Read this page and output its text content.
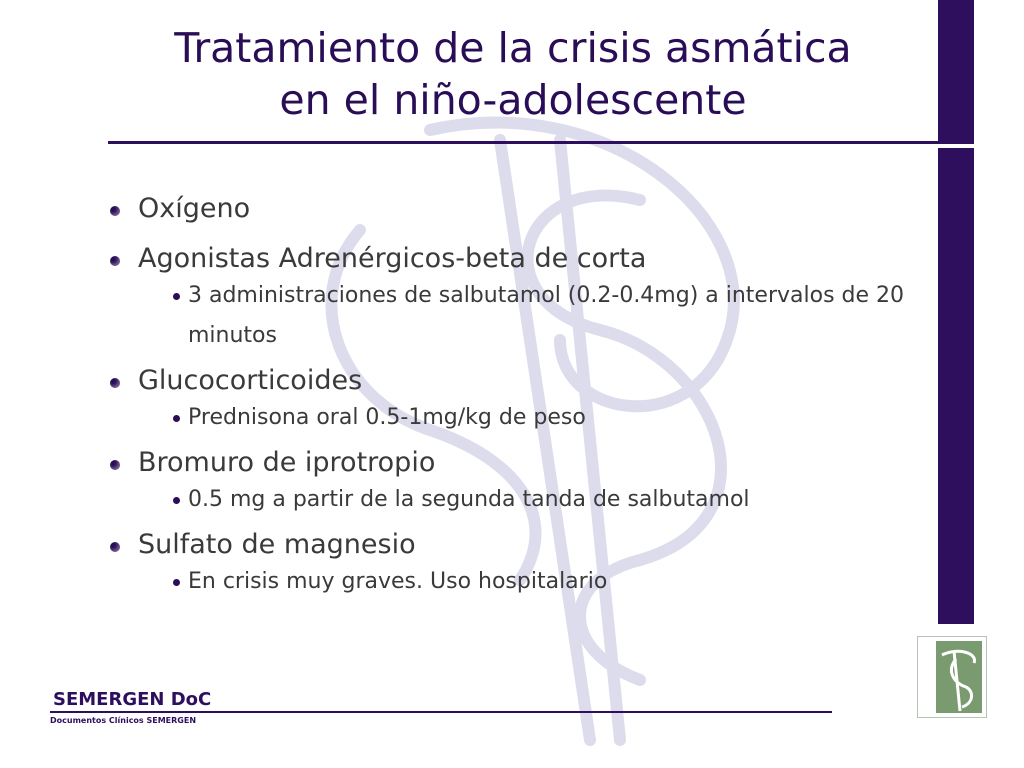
Tratamiento de la crisis asmática
en el niño-adolescente
Oxígeno
Agonistas Adrenérgicos-beta de corta
3 administraciones de salbutamol (0.2-0.4mg) a intervalos de 20 minutos
Glucocorticoides
Prednisona oral 0.5-1mg/kg de peso
Bromuro de iprotropio
0.5 mg a partir de la segunda tanda de salbutamol
Sulfato de magnesio
En crisis muy graves. Uso hospitalario
SEMERGEN DoC
Documentos Clínicos SEMERGEN
